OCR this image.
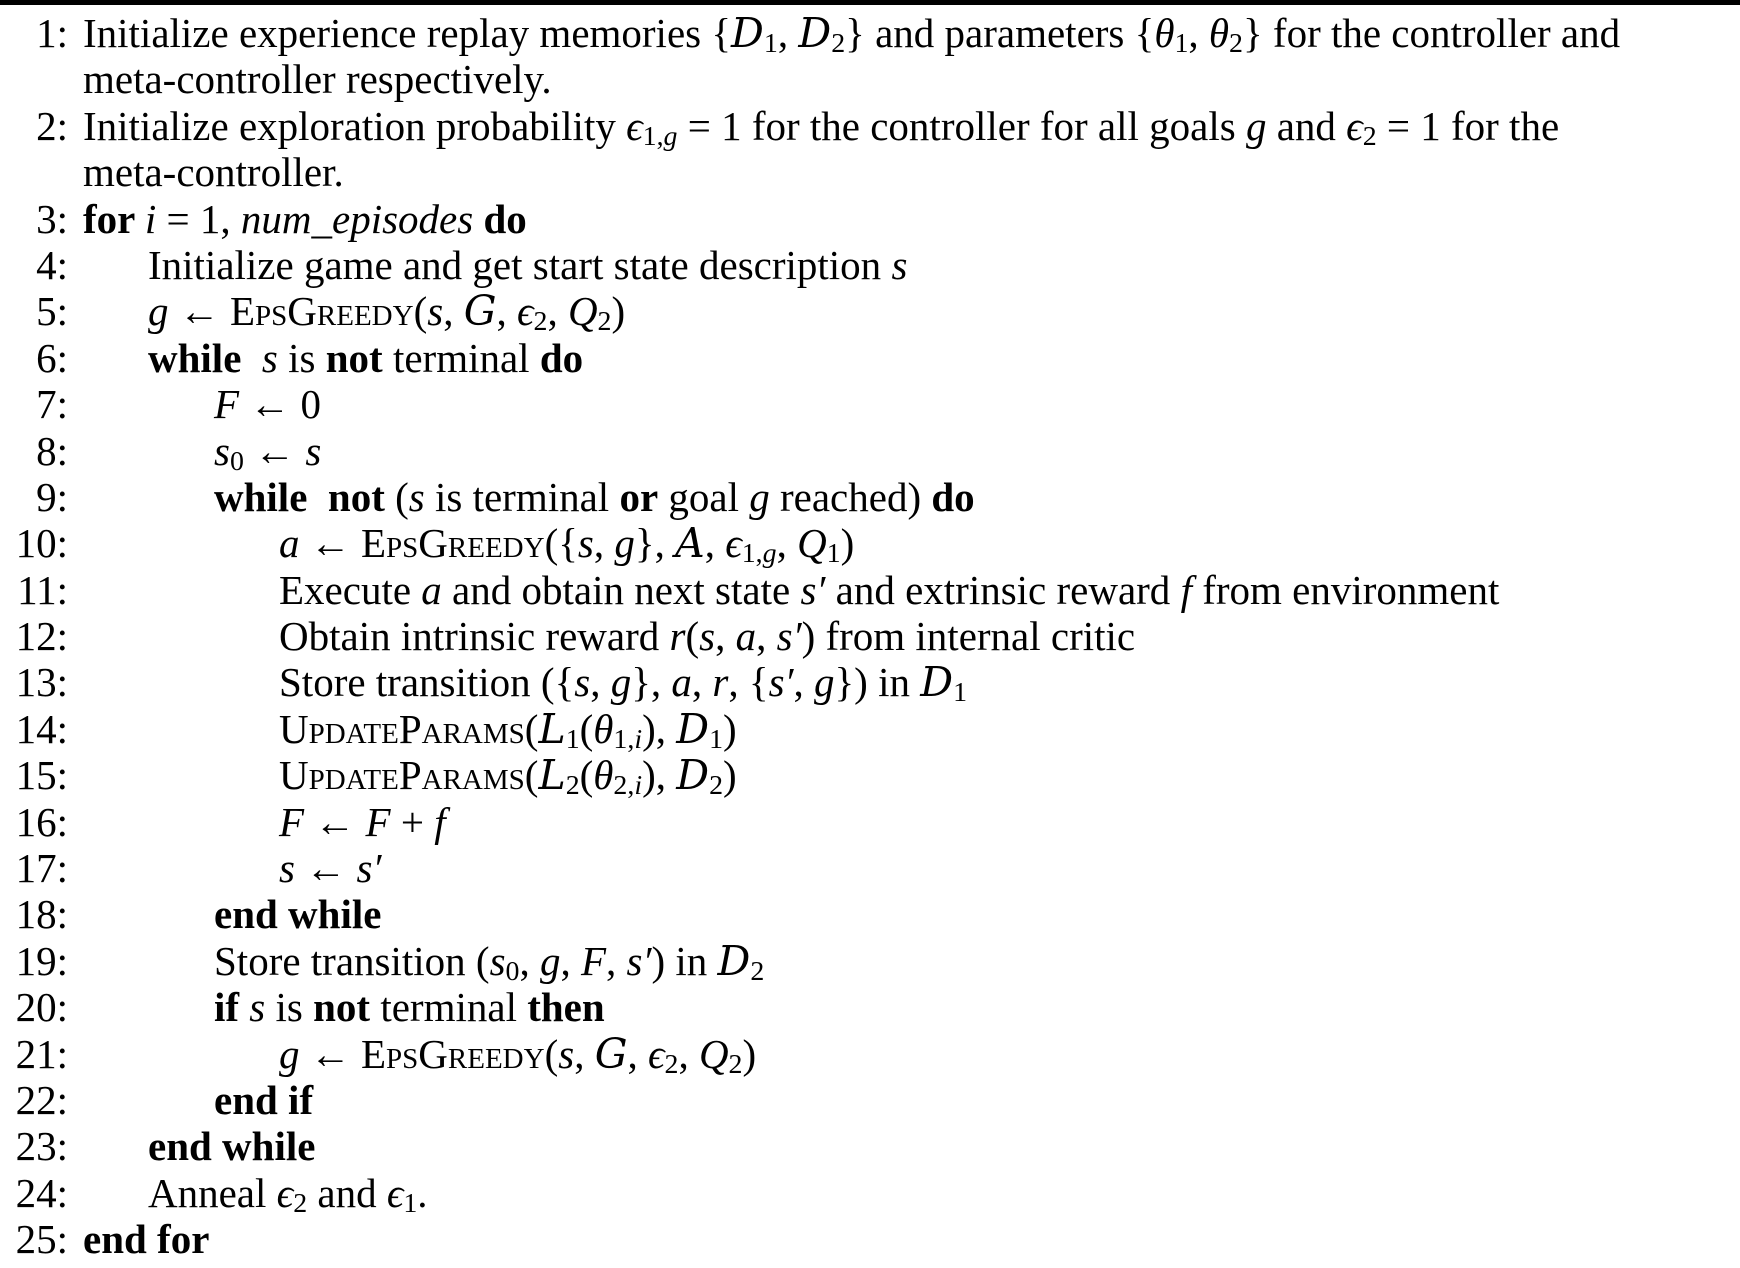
1: Initialize experience replay memories {D1, D2} and parameters {θ1, θ2} for the controller and
meta-controller respectively.
2: Initialize exploration probability ϵ1,g = 1 for the controller for all goals g and ϵ2 = 1 for the
meta-controller.
3: for i = 1, num_episodes do
4: Initialize game and get start state description s
5: g ← EpsGreedy(s, G, ϵ2, Q2)
6: while  s is not terminal do
7:	F ← 0
8:	s0 ← s
9:	while  not (s is terminal or goal g reached) do
10:	a ← EpsGreedy({s, g}, A, ϵ1,g, Q1)
11:	Execute a and obtain next state s′ and extrinsic reward f from environment
12:	Obtain intrinsic reward r(s, a, s′) from internal critic
13:	Store transition ({s, g}, a, r, {s′, g}) in D1
14:	UpdateParams(L1(θ1,i), D1)
15:	UpdateParams(L2(θ2,i), D2)
16:	F ← F + f
17:	s ← s′
18:	end while
19:	Store transition (s0, g, F, s′) in D2
20:	if s is not terminal then
21:	g ← EpsGreedy(s, G, ϵ2, Q2)
22:	end if
23: end while
24: Anneal ϵ2 and ϵ1.
25: end for
